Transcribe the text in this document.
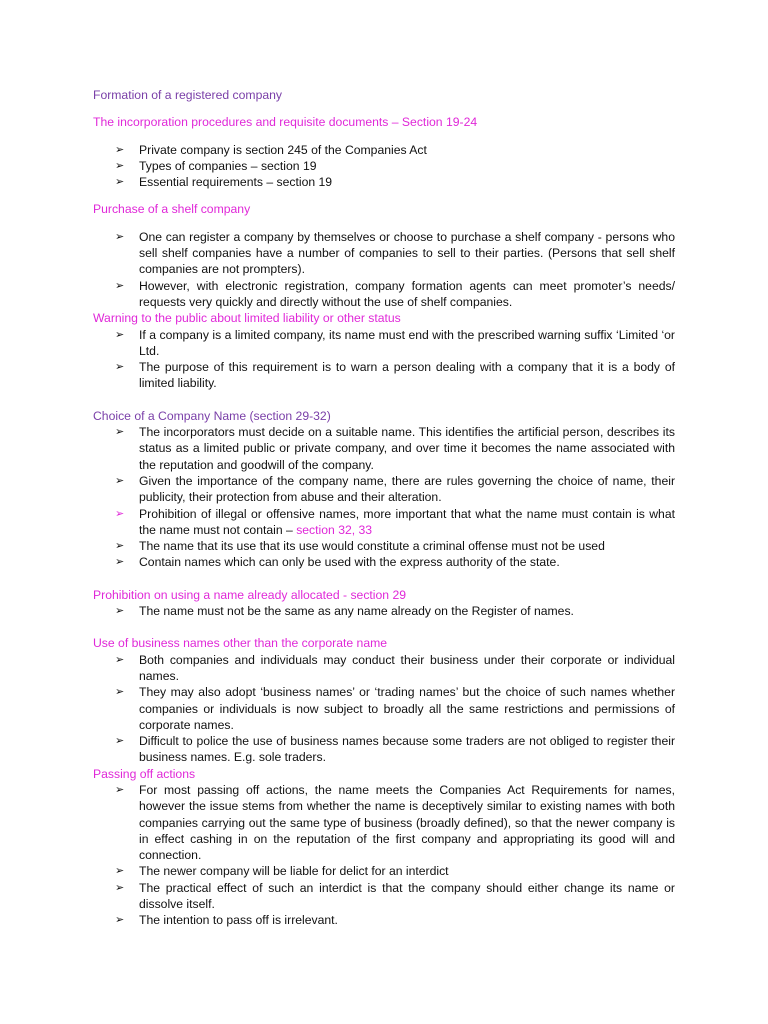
Formation of a registered company

The incorporation procedures and requisite documents – Section 19-24

➢ Private company is section 245 of the Companies Act
➢ Types of companies – section 19
➢ Essential requirements – section 19

Purchase of a shelf company

➢ One can register a company by themselves or choose to purchase a shelf company - persons who sell shelf companies have a number of companies to sell to their parties. (Persons that sell shelf companies are not prompters).
➢ However, with electronic registration, company formation agents can meet promoter’s needs/ requests very quickly and directly without the use of shelf companies.

Warning to the public about limited liability or other status

➢ If a company is a limited company, its name must end with the prescribed warning suffix ‘Limited ‘or Ltd.
➢ The purpose of this requirement is to warn a person dealing with a company that it is a body of limited liability.

Choice of a Company Name (section 29-32)

➢ The incorporators must decide on a suitable name. This identifies the artificial person, describes its status as a limited public or private company, and over time it becomes the name associated with the reputation and goodwill of the company.
➢ Given the importance of the company name, there are rules governing the choice of name, their publicity, their protection from abuse and their alteration.
➢ Prohibition of illegal or offensive names, more important that what the name must contain is what the name must not contain – section 32, 33
➢ The name that its use that its use would constitute a criminal offense must not be used
➢ Contain names which can only be used with the express authority of the state.

Prohibition on using a name already allocated - section 29

➢ The name must not be the same as any name already on the Register of names.

Use of business names other than the corporate name

➢ Both companies and individuals may conduct their business under their corporate or individual names.
➢ They may also adopt ‘business names’ or ‘trading names’ but the choice of such names whether companies or individuals is now subject to broadly all the same restrictions and permissions of corporate names.
➢ Difficult to police the use of business names because some traders are not obliged to register their business names. E.g. sole traders.

Passing off actions

➢ For most passing off actions, the name meets the Companies Act Requirements for names, however the issue stems from whether the name is deceptively similar to existing names with both companies carrying out the same type of business (broadly defined), so that the newer company is in effect cashing in on the reputation of the first company and appropriating its good will and connection.
➢ The newer company will be liable for delict for an interdict
➢ The practical effect of such an interdict is that the company should either change its name or dissolve itself.
➢ The intention to pass off is irrelevant.
